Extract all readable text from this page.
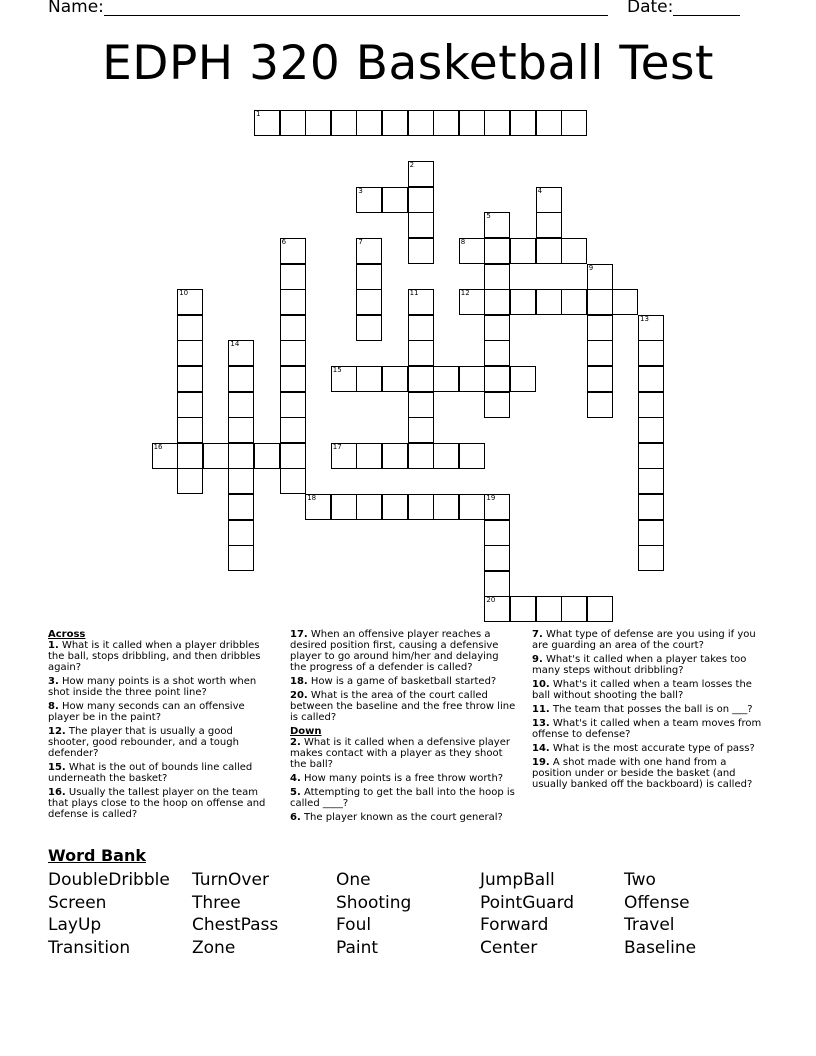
Name:	Date:
EDPH 320 Basketball Test
1
2
3	4
5
6	7	8
9
10	11	12
13
14
15
16	17
18	19
20
Across
1. What is it called when a player dribbles the ball, stops dribbling, and then dribbles again?
3. How many points is a shot worth when shot inside the three point line?
8. How many seconds can an offensive player be in the paint?
12. The player that is usually a good shooter, good rebounder, and a tough defender?
15. What is the out of bounds line called underneath the basket?
16. Usually the tallest player on the team that plays close to the hoop on offense and defense is called?
17. When an offensive player reaches a desired position first, causing a defensive player to go around him/her and delaying the progress of a defender is called?
18. How is a game of basketball started?
20. What is the area of the court called between the baseline and the free throw line is called?
Down
2. What is it called when a defensive player makes contact with a player as they shoot the ball?
4. How many points is a free throw worth?
5. Attempting to get the ball into the hoop is called ____?
6. The player known as the court general?
7. What type of defense are you using if you are guarding an area of the court?
9. What's it called when a player takes too many steps without dribbling?
10. What's it called when a team losses the ball without shooting the ball?
11. The team that posses the ball is on ___?
13. What's it called when a team moves from offense to defense?
14. What is the most accurate type of pass?
19. A shot made with one hand from a position under or beside the basket (and usually banked off the backboard) is called?
Word Bank
DoubleDribble	TurnOver	One	JumpBall	Two
Screen	Three	Shooting	PointGuard	Offense
LayUp	ChestPass	Foul	Forward	Travel
Transition	Zone	Paint	Center	Baseline
